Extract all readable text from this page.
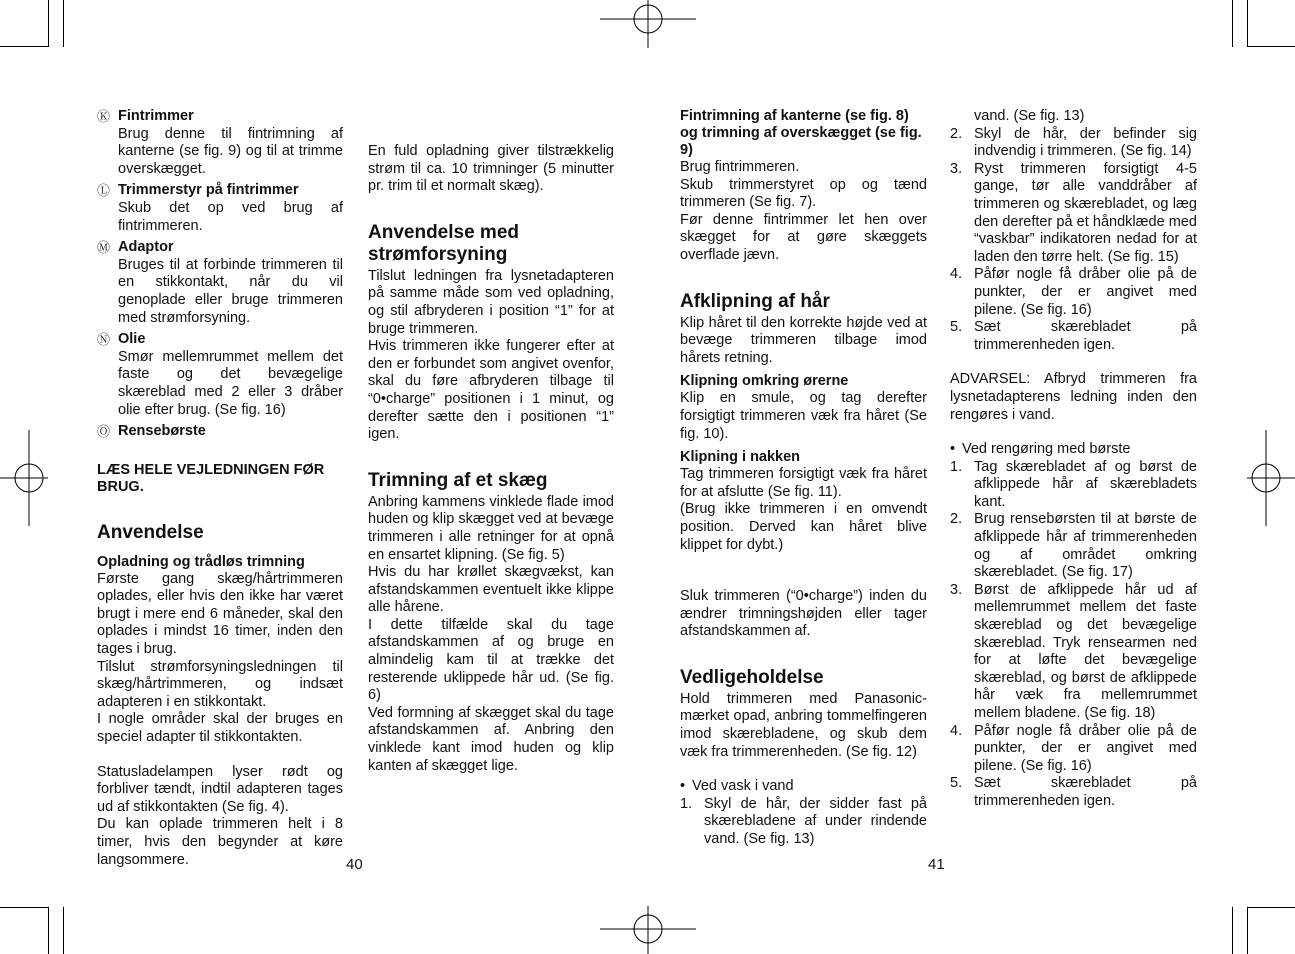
Ⓚ Fintrimmer

Brug denne til fintrimning af kanterne (se fig. 9) og til at trimme overskægget.

Ⓛ Trimmerstyr på fintrimmer

Skub det op ved brug af fintrimmeren.

Ⓜ Adaptor

Bruges til at forbinde trimmeren til en stikkontakt, når du vil genoplade eller bruge trimmeren med strømforsyning.

Ⓝ Olie

Smør mellemrummet mellem det faste og det bevægelige skæreblad med 2 eller 3 dråber olie efter brug. (Se fig. 16)

Ⓞ Rensebørste
LÆS HELE VEJLEDNINGEN FØR BRUG.
Anvendelse
Opladning og trådløs trimning

Første gang skæg/hårtrimmeren oplades, eller hvis den ikke har været brugt i mere end 6 måneder, skal den oplades i mindst 16 timer, inden den tages i brug.

Tilslut strømforsyningsledningen til skæg/hårtrimmeren, og indsæt adapteren i en stikkontakt.

I nogle områder skal der bruges en speciel adapter til stikkontakten.

Statusladelampen lyser rødt og forbliver tændt, indtil adapteren tages ud af stikkontakten (Se fig. 4).

Du kan oplade trimmeren helt i 8 timer, hvis den begynder at køre langsommere.

En fuld opladning giver tilstrækkelig strøm til ca. 10 trimninger (5 minutter pr. trim til et normalt skæg).

Anvendelse med strømforsyning

Tilslut ledningen fra lysnetadapteren på samme måde som ved opladning, og stil afbryderen i position “1” for at bruge trimmeren.

Hvis trimmeren ikke fungerer efter at den er forbundet som angivet ovenfor, skal du føre afbryderen tilbage til “0•charge” positionen i 1 minut, og derefter sætte den i positionen “1” igen.

Trimning af et skæg

Anbring kammens vinklede flade imod huden og klip skægget ved at bevæge trimmeren i alle retninger for at opnå en ensartet klipning. (Se fig. 5)

Hvis du har krøllet skægvækst, kan afstandskammen eventuelt ikke klippe alle hårene.

I dette tilfælde skal du tage afstandskammen af og bruge en almindelig kam til at trække det resterende uklippede hår ud. (Se fig. 6)

Ved formning af skægget skal du tage afstandskammen af. Anbring den vinklede kant imod huden og klip kanten af skægget lige.

40
Fintrimning af kanterne (se fig. 8) og trimning af overskægget (se fig. 9)

Brug fintrimmeren.

Skub trimmerstyret op og tænd trimmeren (Se fig. 7).

Før denne fintrimmer let hen over skægget for at gøre skæggets overflade jævn.

Afklipning af hår

Klip håret til den korrekte højde ved at bevæge trimmeren tilbage imod hårets retning.

Klipning omkring ørerne

Klip en smule, og tag derefter forsigtigt trimmeren væk fra håret (Se fig. 10).

Klipning i nakken

Tag trimmeren forsigtigt væk fra håret for at afslutte (Se fig. 11).

(Brug ikke trimmeren i en omvendt position. Derved kan håret blive klippet for dybt.)

Sluk trimmeren (“0•charge”) inden du ændrer trimningshøjden eller tager afstandskammen af.

Vedligeholdelse

Hold trimmeren med Panasonic-mærket opad, anbring tommelfingeren imod skærebladene, og skub dem væk fra trimmerenheden. (Se fig. 12)

• Ved vask i vand
1. Skyl de hår, der sidder fast på skærebladene af under rindende vand. (Se fig. 13)

vand. (Se fig. 13)

2. Skyl de hår, der befinder sig indvendig i trimmeren. (Se fig. 14)

3. Ryst trimmeren forsigtigt 4-5 gange, tør alle vanddråber af trimmeren og skærebladet, og læg den derefter på et håndklæde med “vaskbar” indikatoren nedad for at laden den tørre helt. (Se fig. 15)

4. Påfør nogle få dråber olie på de punkter, der er angivet med pilene. (Se fig. 16)

5. Sæt skærebladet på trimmerenheden igen.

ADVARSEL: Afbryd trimmeren fra lysnetadapterens ledning inden den rengøres i vand.

• Ved rengøring med børste
1. Tag skærebladet af og børst de afklippede hår af skærebladets kant.

2. Brug rensebørsten til at børste de afklippede hår af trimmerenheden og af området omkring skærebladet. (Se fig. 17)

3. Børst de afklippede hår ud af mellemrummet mellem det faste skæreblad og det bevægelige skæreblad. Tryk rensearmen ned for at løfte det bevægelige skæreblad, og børst de afklippede hår væk fra mellemrummet mellem bladene. (Se fig. 18)

4. Påfør nogle få dråber olie på de punkter, der er angivet med pilene. (Se fig. 16)

5. Sæt skærebladet på trimmerenheden igen.

41
